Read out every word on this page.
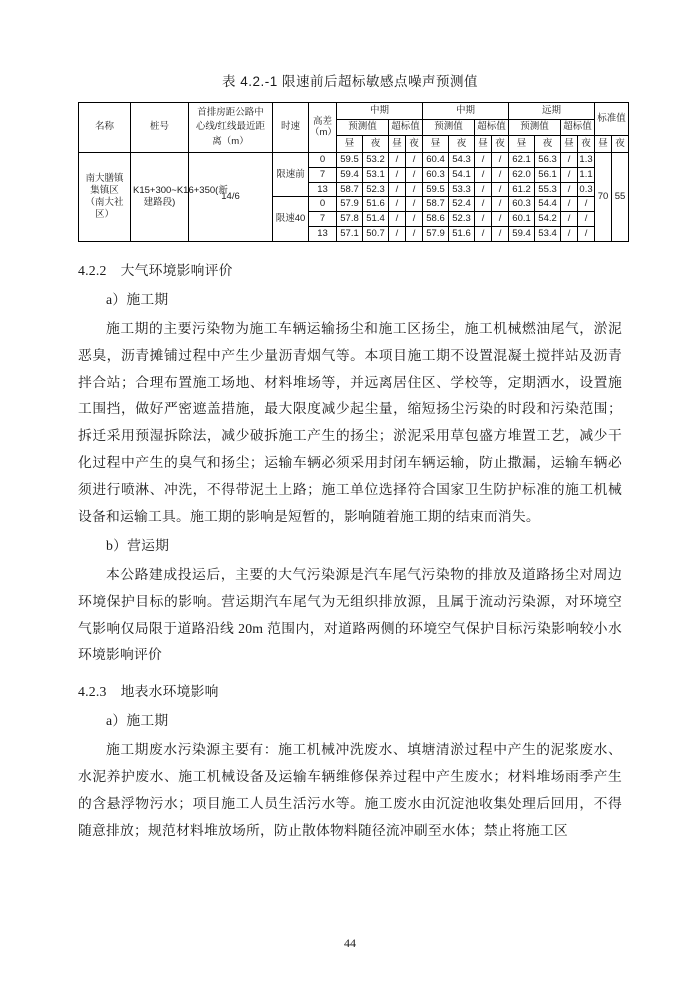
表 4.2.-1 限速前后超标敏感点噪声预测值
名称	桩号	首排房距公路中心线/红线最近距离（m）	时速	高差（m）	中期				中期				远期				标准值	
					预测值		超标值		预测值		超标值		预测值		超标值			
					昼	夜	昼	夜	昼	夜	昼	夜	昼	夜	昼	夜	昼	夜
南大膳镇集镇区（南大社区）	K15+300~K16+350(新建路段)	14/6	限速前	0	59.5	53.2	/	/	60.4	54.3	/	/	62.1	56.3	/	1.3	70	55
				7	59.4	53.1	/	/	60.3	54.1	/	/	62.0	56.1	/	1.1		
				13	58.7	52.3	/	/	59.5	53.3	/	/	61.2	55.3	/	0.3		
			限速40	0	57.9	51.6	/	/	58.7	52.4	/	/	60.3	54.4	/	/		
				7	57.8	51.4	/	/	58.6	52.3	/	/	60.1	54.2	/	/		
				13	57.1	50.7	/	/	57.9	51.6	/	/	59.4	53.4	/	/		
4.2.2 大气环境影响评价

a）施工期

施工期的主要污染物为施工车辆运输扬尘和施工区扬尘，施工机械燃油尾气，淤泥恶臭，沥青摊铺过程中产生少量沥青烟气等。本项目施工期不设置混凝土搅拌站及沥青拌合站；合理布置施工场地、材料堆场等，并远离居住区、学校等，定期洒水，设置施工围挡，做好严密遮盖措施，最大限度减少起尘量，缩短扬尘污染的时段和污染范围；拆迁采用预湿拆除法，减少破拆施工产生的扬尘；淤泥采用草包盛方堆置工艺，减少干化过程中产生的臭气和扬尘；运输车辆必须采用封闭车辆运输，防止撒漏，运输车辆必须进行喷淋、冲洗，不得带泥土上路；施工单位选择符合国家卫生防护标准的施工机械设备和运输工具。施工期的影响是短暂的，影响随着施工期的结束而消失。

b）营运期

本公路建成投运后，主要的大气污染源是汽车尾气污染物的排放及道路扬尘对周边环境保护目标的影响。营运期汽车尾气为无组织排放源，且属于流动污染源，对环境空气影响仅局限于道路沿线 20m 范围内，对道路两侧的环境空气保护目标污染影响较小水环境影响评价

4.2.3 地表水环境影响

a）施工期

施工期废水污染源主要有：施工机械冲洗废水、填塘清淤过程中产生的泥浆废水、水泥养护废水、施工机械设备及运输车辆维修保养过程中产生废水；材料堆场雨季产生的含悬浮物污水；项目施工人员生活污水等。施工废水由沉淀池收集处理后回用，不得随意排放；规范材料堆放场所，防止散体物料随径流冲刷至水体；禁止将施工区

44
